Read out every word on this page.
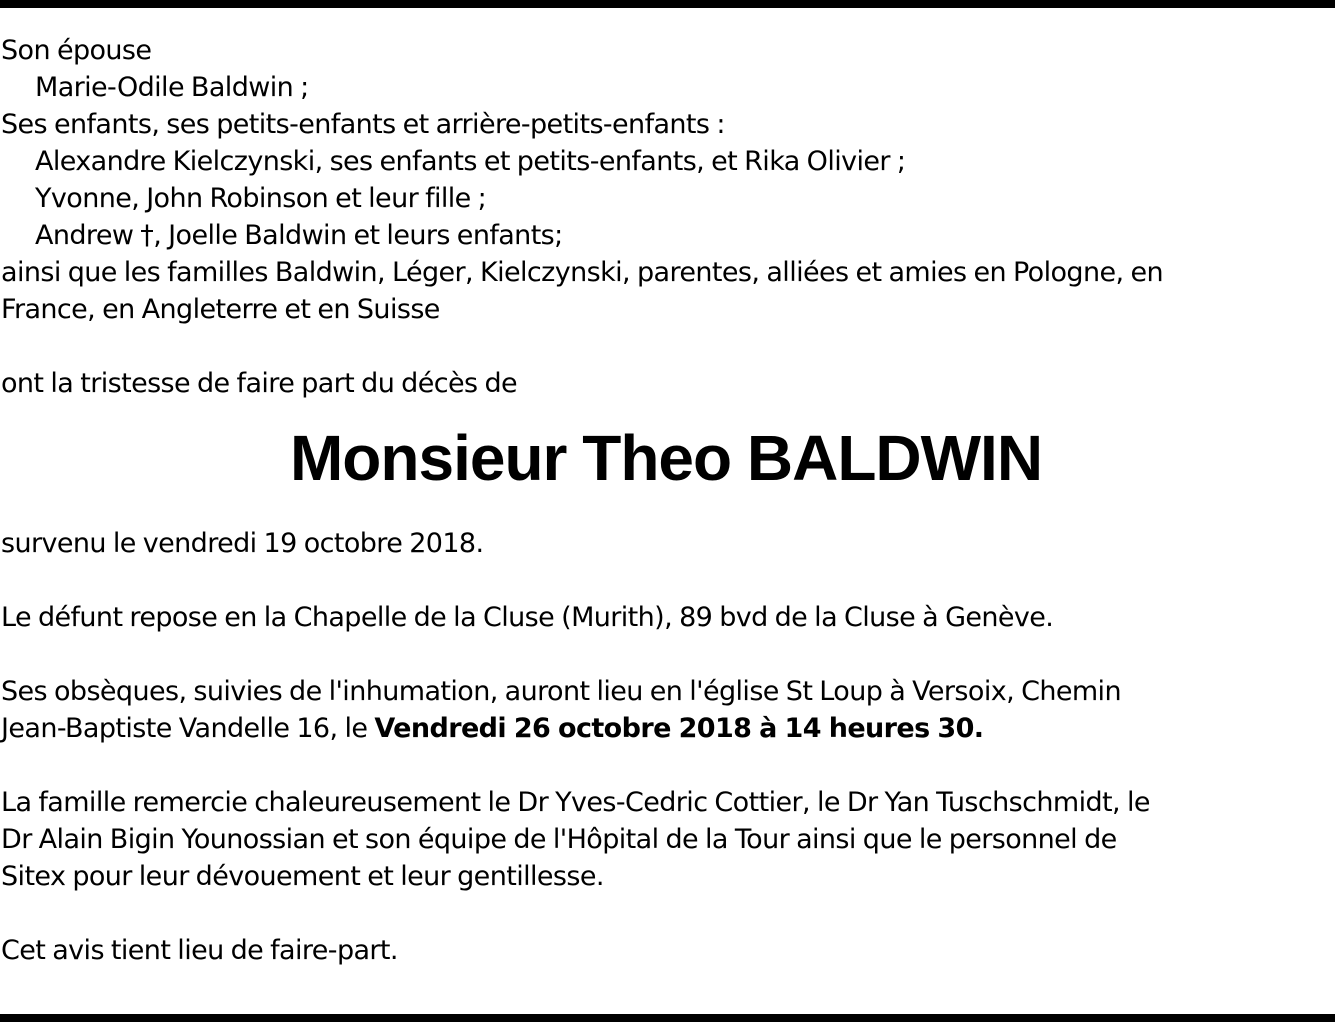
Son épouse
Marie-Odile Baldwin ;
Ses enfants, ses petits-enfants et arrière-petits-enfants :
Alexandre Kielczynski, ses enfants et petits-enfants, et Rika Olivier ;
Yvonne, John Robinson et leur fille ;
Andrew †, Joelle Baldwin et leurs enfants;
ainsi que les familles Baldwin, Léger, Kielczynski, parentes, alliées et amies en Pologne, en
France, en Angleterre et en Suisse
ont la tristesse de faire part du décès de
Monsieur Theo BALDWIN
survenu le vendredi 19 octobre 2018.
Le défunt repose en la Chapelle de la Cluse (Murith), 89 bvd de la Cluse à Genève.
Ses obsèques, suivies de l'inhumation, auront lieu en l'église St Loup à Versoix, Chemin
Jean-Baptiste Vandelle 16, le Vendredi 26 octobre 2018 à 14 heures 30.
La famille remercie chaleureusement le Dr Yves-Cedric Cottier, le Dr Yan Tuschschmidt, le
Dr Alain Bigin Younossian et son équipe de l'Hôpital de la Tour ainsi que le personnel de
Sitex pour leur dévouement et leur gentillesse.
Cet avis tient lieu de faire-part.
